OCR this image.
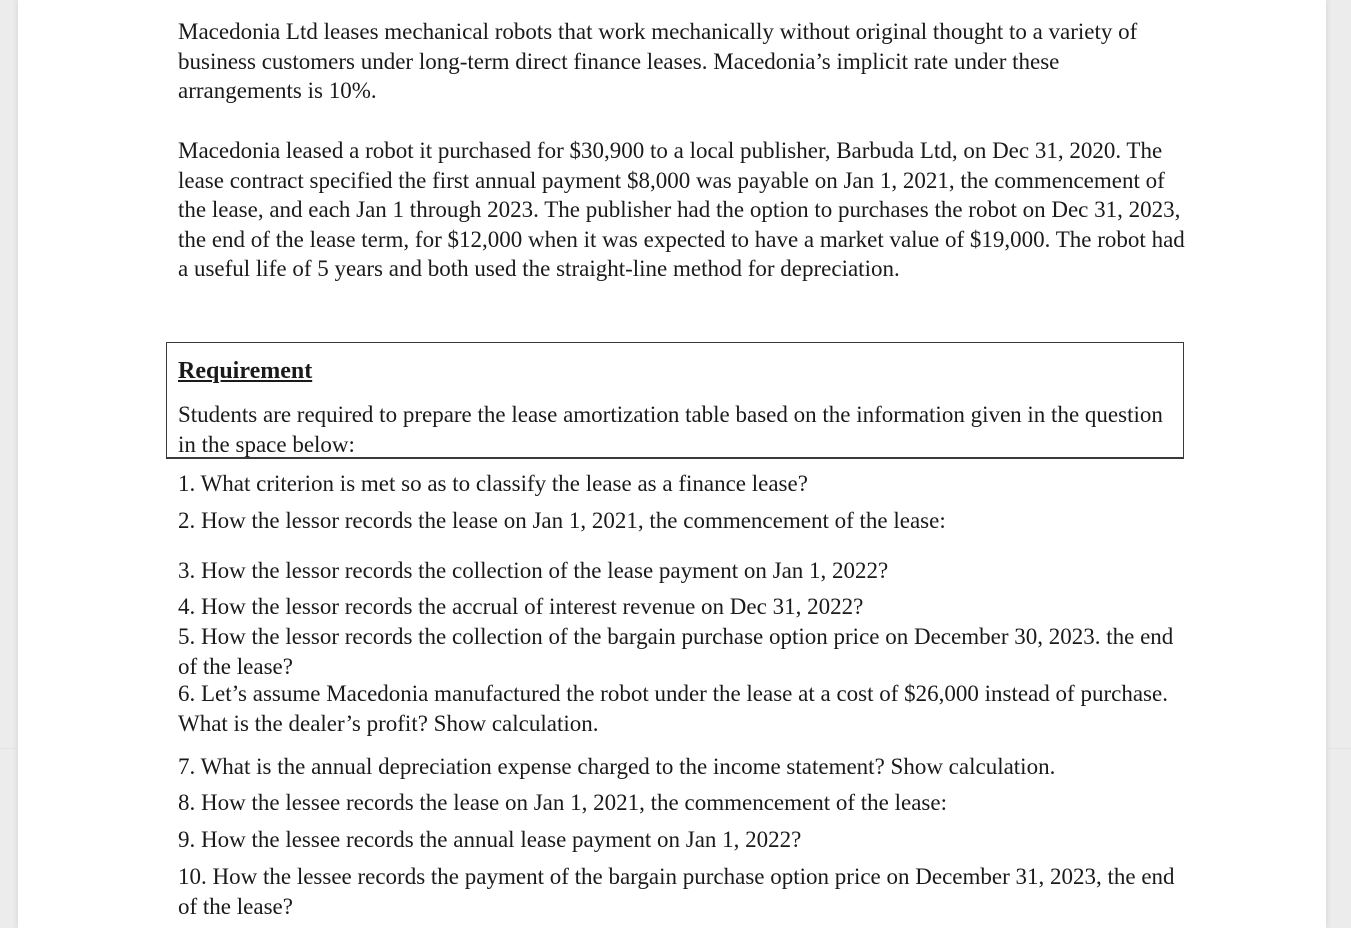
Macedonia Ltd leases mechanical robots that work mechanically without original thought to a variety of business customers under long-term direct finance leases. Macedonia’s implicit rate under these arrangements is 10%.

Macedonia leased a robot it purchased for $30,900 to a local publisher, Barbuda Ltd, on Dec 31, 2020. The lease contract specified the first annual payment $8,000 was payable on Jan 1, 2021, the commencement of the lease, and each Jan 1 through 2023. The publisher had the option to purchases the robot on Dec 31, 2023, the end of the lease term, for $12,000 when it was expected to have a market value of $19,000. The robot had a useful life of 5 years and both used the straight-line method for depreciation.

Requirement
Students are required to prepare the lease amortization table based on the information given in the question in the space below:
1. What criterion is met so as to classify the lease as a finance lease?
2. How the lessor records the lease on Jan 1, 2021, the commencement of the lease:
3. How the lessor records the collection of the lease payment on Jan 1, 2022?
4. How the lessor records the accrual of interest revenue on Dec 31, 2022?
5. How the lessor records the collection of the bargain purchase option price on December 30, 2023. the end of the lease?
6. Let’s assume Macedonia manufactured the robot under the lease at a cost of $26,000 instead of purchase. What is the dealer’s profit? Show calculation.
7. What is the annual depreciation expense charged to the income statement? Show calculation.
8. How the lessee records the lease on Jan 1, 2021, the commencement of the lease:
9. How the lessee records the annual lease payment on Jan 1, 2022?
10. How the lessee records the payment of the bargain purchase option price on December 31, 2023, the end of the lease?
